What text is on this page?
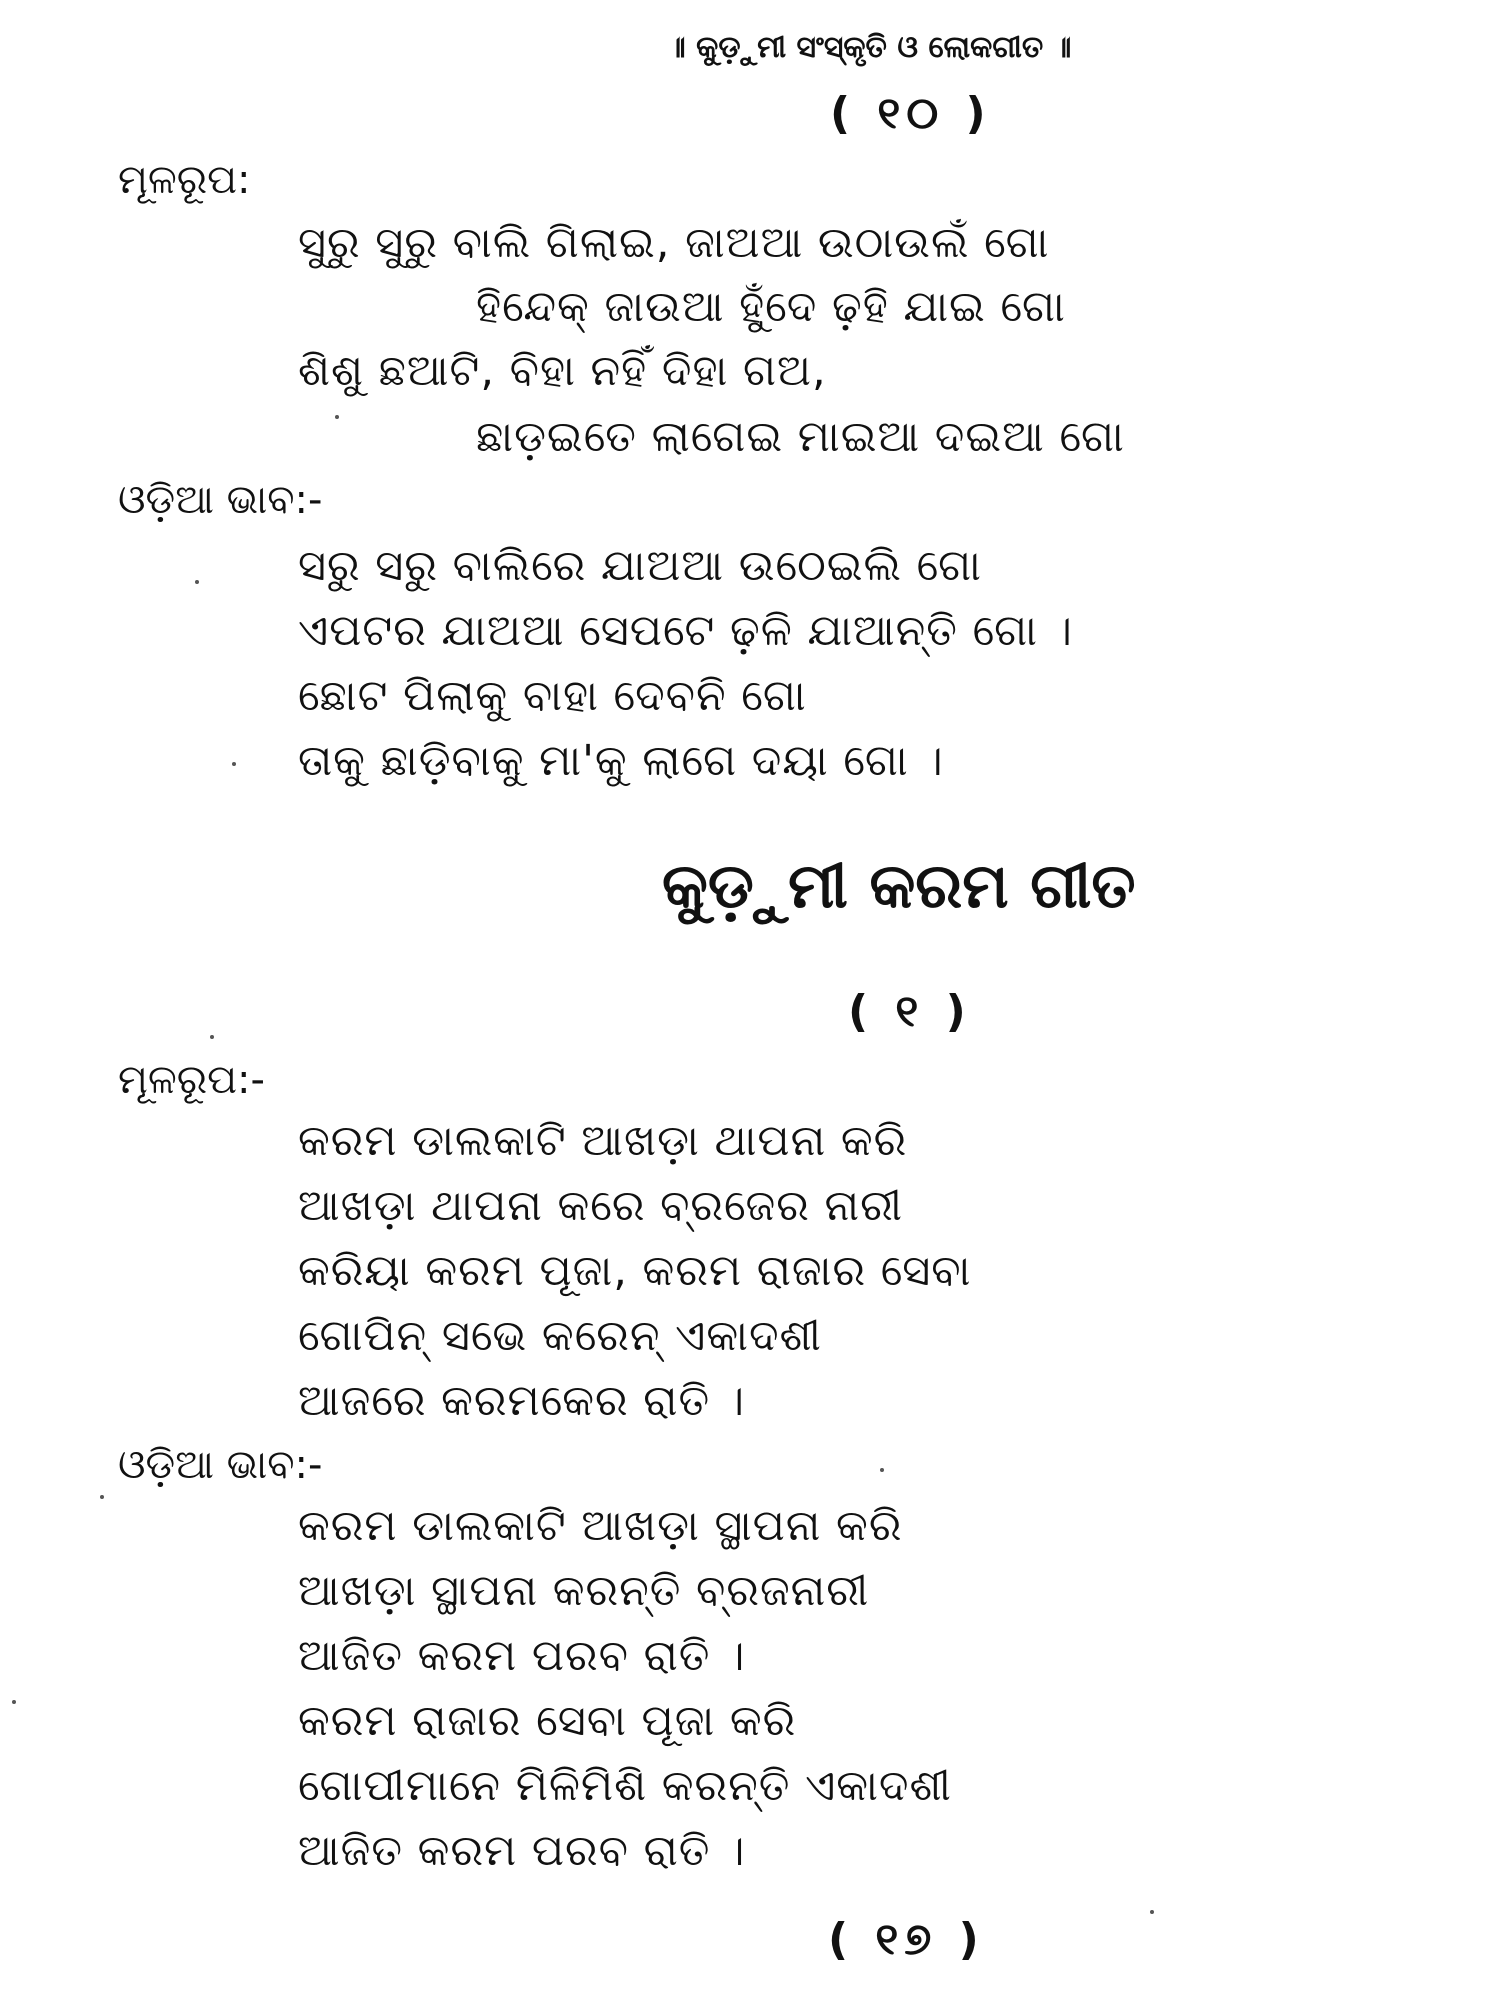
॥ କୁଡ଼ୁମୀ ସଂସ୍କୃତି ଓ ଲୋକଗୀତ ॥
( ୧୦ )
ମୂଳରୂପ:
ସୁରୁ ସୁରୁ ବାଲି ଗିଲାଇ, ଜାଅଆ ଉଠାଉଲଁ ଗୋ
ହିନ୍ଦେକ୍ ଜାଉଆ ହୁଁଦେ ଢ଼ହି ଯାଇ ଗୋ
ଶିଶୁ ଛଆଟି, ବିହା ନହିଁ ଦିହା ଗଅ,
ଛାଡ଼ଇତେ ଲାଗେଇ ମାଇଆ ଦଇଆ ଗୋ
ଓଡ଼ିଆ ଭାବ:-
ସରୁ ସରୁ ବାଲିରେ ଯାଅଆ ଉଠେଇଲି ଗୋ
ଏପଟର ଯାଅଆ ସେପଟେ ଢ଼ଳି ଯାଆନ୍ତି ଗୋ ।
ଛୋଟ ପିଲାକୁ ବାହା ଦେବନି ଗୋ
ତାକୁ ଛାଡ଼ିବାକୁ ମା'କୁ ଲାଗେ ଦୟା ଗୋ ।
କୁଡ଼ୁମୀ କରମ ଗୀତ
( ୧ )
ମୂଳରୂପ:-
କରମ ଡାଲକାଟି ଆଖଡ଼ା ଥାପନା କରି
ଆଖଡ଼ା ଥାପନା କରେ ବ୍ରଜେର ନାରୀ
କରିୟା କରମ ପୂଜା, କରମ ରାଜାର ସେବା
ଗୋପିନ୍ ସଭେ କରେନ୍ ଏକାଦଶୀ
ଆଜରେ କରମକେର ରାତି ।
ଓଡ଼ିଆ ଭାବ:-
କରମ ଡାଲକାଟି ଆଖଡ଼ା ସ୍ଥାପନା କରି
ଆଖଡ଼ା ସ୍ଥାପନା କରନ୍ତି ବ୍ରଜନାରୀ
ଆଜିତ କରମ ପରବ ରାତି ।
କରମ ରାଜାର ସେବା ପୂଜା କରି
ଗୋପୀମାନେ ମିଳିମିଶି କରନ୍ତି ଏକାଦଶୀ
ଆଜିତ କରମ ପରବ ରାତି ।
( ୧୭ )
